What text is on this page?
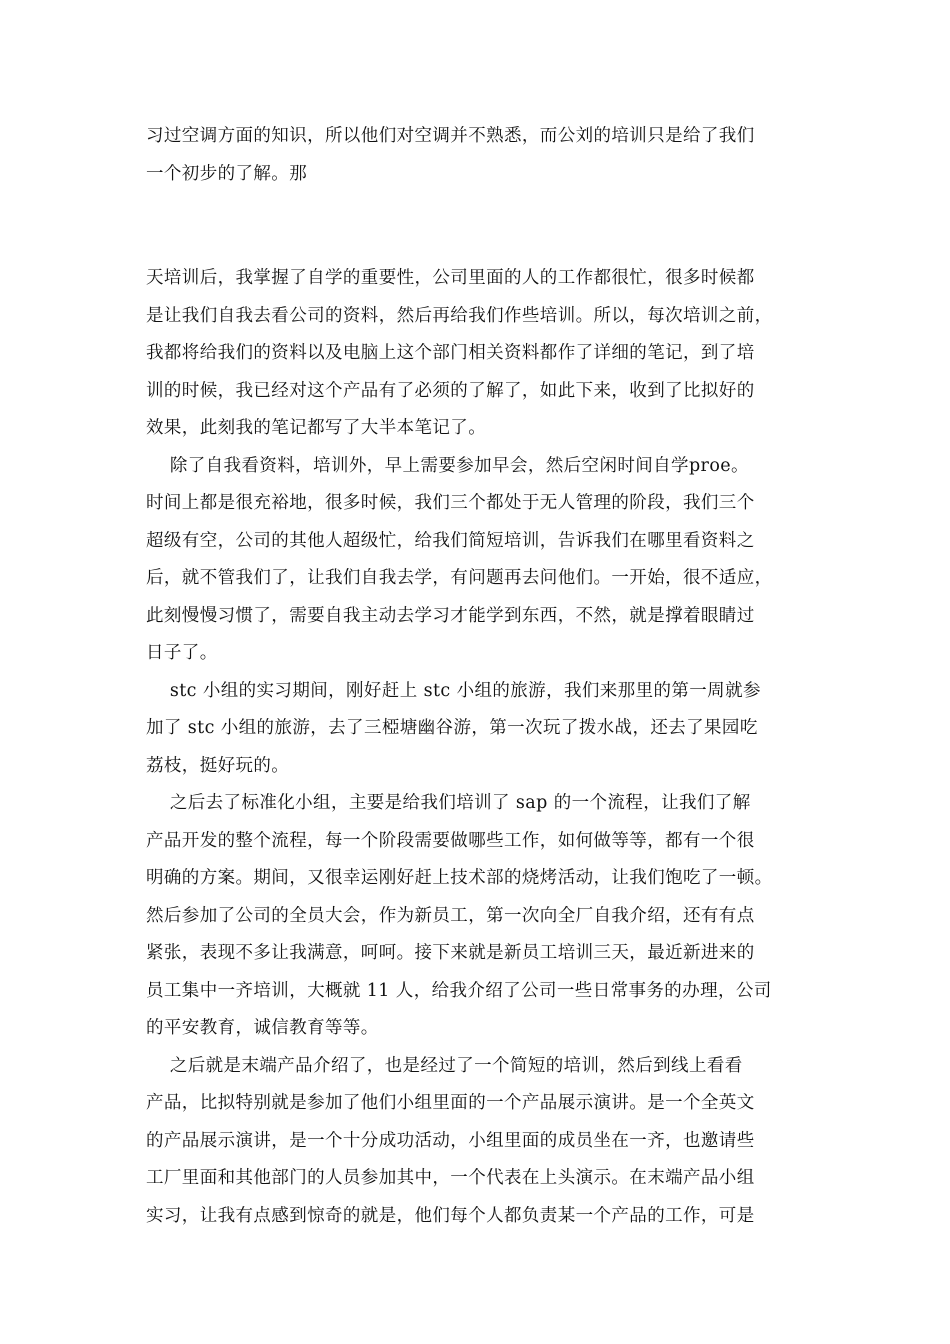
习过空调方面的知识，所以他们对空调并不熟悉，而公刘的培训只是给了我们

一个初步的了解。那

天培训后，我掌握了自学的重要性，公司里面的人的工作都很忙，很多时候都

是让我们自我去看公司的资料，然后再给我们作些培训。所以，每次培训之前，

我都将给我们的资料以及电脑上这个部门相关资料都作了详细的笔记，到了培

训的时候，我已经对这个产品有了必须的了解了，如此下来，收到了比拟好的

效果，此刻我的笔记都写了大半本笔记了。

除了自我看资料，培训外，早上需要参加早会，然后空闲时间自学proe。

时间上都是很充裕地，很多时候，我们三个都处于无人管理的阶段，我们三个

超级有空，公司的其他人超级忙，给我们简短培训，告诉我们在哪里看资料之

后，就不管我们了，让我们自我去学，有问题再去问他们。一开始，很不适应，

此刻慢慢习惯了，需要自我主动去学习才能学到东西，不然，就是撑着眼睛过

日子了。

stc 小组的实习期间，刚好赶上 stc 小组的旅游，我们来那里的第一周就参

加了 stc 小组的旅游，去了三椏塘幽谷游，第一次玩了拨水战，还去了果园吃

荔枝，挺好玩的。

之后去了标准化小组，主要是给我们培训了 sap 的一个流程，让我们了解

产品开发的整个流程，每一个阶段需要做哪些工作，如何做等等，都有一个很

明确的方案。期间，又很幸运刚好赶上技术部的烧烤活动，让我们饱吃了一顿。

然后参加了公司的全员大会，作为新员工，第一次向全厂自我介绍，还有有点

紧张，表现不多让我满意，呵呵。接下来就是新员工培训三天，最近新进来的

员工集中一齐培训，大概就 11 人，给我介绍了公司一些日常事务的办理，公司

的平安教育，诚信教育等等。

之后就是末端产品介绍了，也是经过了一个简短的培训，然后到线上看看

产品，比拟特别就是参加了他们小组里面的一个产品展示演讲。是一个全英文

的产品展示演讲，是一个十分成功活动，小组里面的成员坐在一齐，也邀请些

工厂里面和其他部门的人员参加其中，一个代表在上头演示。在末端产品小组

实习，让我有点感到惊奇的就是，他们每个人都负责某一个产品的工作，可是
